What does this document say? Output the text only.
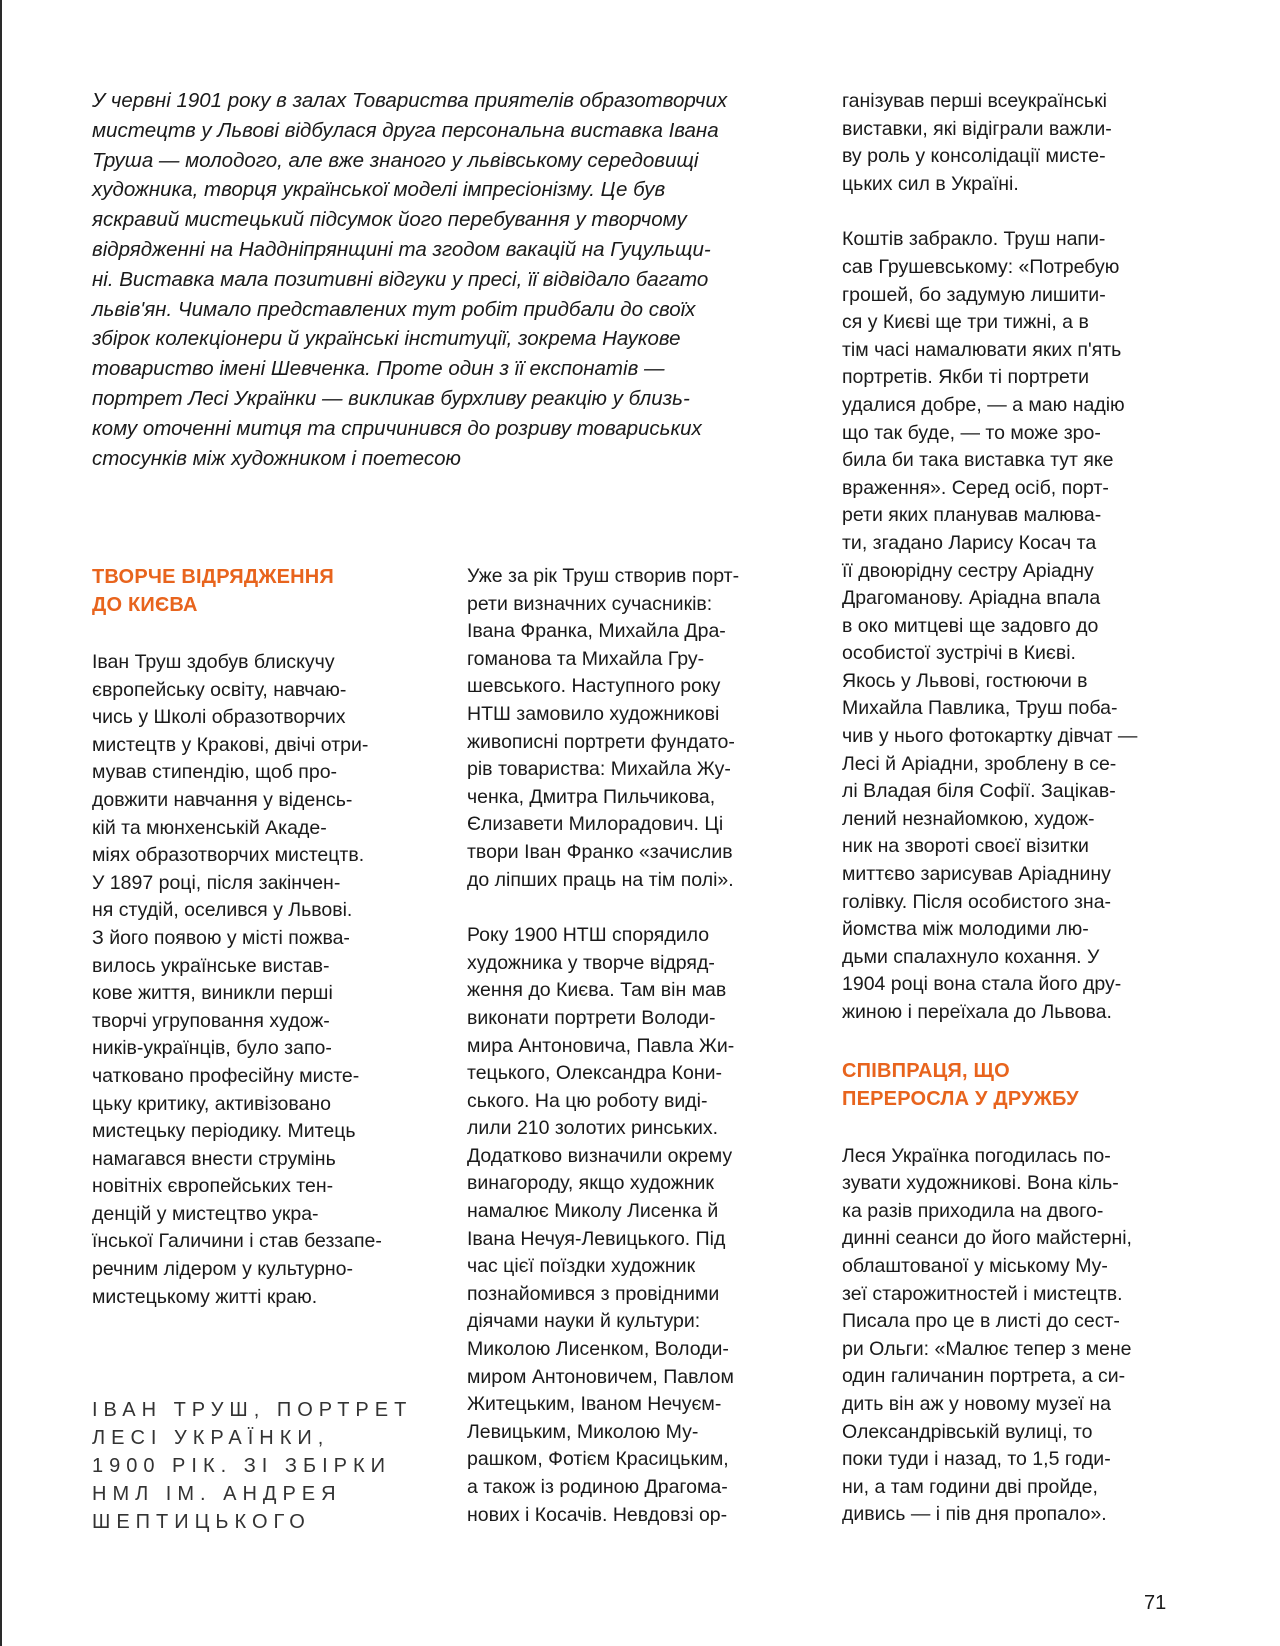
У червні 1901 року в залах Товариства приятелів образотворчих
мистецтв у Львові відбулася друга персональна виставка Івана
Труша — молодого, але вже знаного у львівському середовищі
художника, творця української моделі імпресіонізму. Це був
яскравий мистецький підсумок його перебування у творчому
відрядженні на Наддніпрянщині та згодом вакацій на Гуцульщи-
ні. Виставка мала позитивні відгуки у пресі, її відвідало багато
львів'ян. Чимало представлених тут робіт придбали до своїх
збірок колекціонери й українські інституції, зокрема Наукове
товариство імені Шевченка. Проте один з її експонатів —
портрет Лесі Українки — викликав бурхливу реакцію у близь-
кому оточенні митця та спричинився до розриву товариських
стосунків між художником і поетесою

ТВОРЧЕ ВІДРЯДЖЕННЯ
ДО КИЄВА

Іван Труш здобув блискучу
європейську освіту, навчаю-
чись у Школі образотворчих
мистецтв у Кракові, двічі отри-
мував стипендію, щоб про-
довжити навчання у віденсь-
кій та мюнхенській Акаде-
міях образотворчих мистецтв.
У 1897 році, після закінчен-
ня студій, оселився у Львові.
З його появою у місті пожва-
вилось українське вистав-
кове життя, виникли перші
творчі угруповання худож-
ників-українців, було запо-
чатковано професійну мисте-
цьку критику, активізовано
мистецьку періодику. Митець
намагався внести струмінь
новітніх європейських тен-
денцій у мистецтво укра-
їнської Галичини і став беззапе-
речним лідером у культурно-
мистецькому житті краю.

ІВАН ТРУШ, ПОРТРЕТ
ЛЕСІ УКРАЇНКИ,
1900 РІК. ЗІ ЗБІРКИ
НМЛ ІМ. АНДРЕЯ
ШЕПТИЦЬКОГО

Уже за рік Труш створив порт-
рети визначних сучасників:
Івана Франка, Михайла Дра-
гоманова та Михайла Гру-
шевського. Наступного року
НТШ замовило художникові
живописні портрети фундато-
рів товариства: Михайла Жу-
ченка, Дмитра Пильчикова,
Єлизавети Милорадович. Ці
твори Іван Франко «зачислив
до ліпших праць на тім полі».

Року 1900 НТШ спорядило
художника у творче відряд-
ження до Києва. Там він мав
виконати портрети Володи-
мира Антоновича, Павла Жи-
тецького, Олександра Кони-
ського. На цю роботу виді-
лили 210 золотих ринських.
Додатково визначили окрему
винагороду, якщо художник
намалює Миколу Лисенка й
Івана Нечуя-Левицького. Під
час цієї поїздки художник
познайомився з провідними
діячами науки й культури:
Миколою Лисенком, Володи-
миром Антоновичем, Павлом
Житецьким, Іваном Нечуєм-
Левицьким, Миколою Му-
рашком, Фотієм Красицьким,
а також із родиною Драгома-
нових і Косачів. Невдовзі ор-

ганізував перші всеукраїнські
виставки, які відіграли важли-
ву роль у консолідації мисте-
цьких сил в Україні.

Коштів забракло. Труш напи-
сав Грушевському: «Потребую
грошей, бо задумую лишити-
ся у Києві ще три тижні, а в
тім часі намалювати яких п'ять
портретів. Якби ті портрети
удалися добре, — а маю надію
що так буде, — то може зро-
била би така виставка тут яке
враження». Серед осіб, порт-
рети яких планував малюва-
ти, згадано Ларису Косач та
її двоюрідну сестру Аріадну
Драгоманову. Аріадна впала
в око митцеві ще задовго до
особистої зустрічі в Києві.
Якось у Львові, гостюючи в
Михайла Павлика, Труш поба-
чив у нього фотокартку дівчат —
Лесі й Аріадни, зроблену в се-
лі Владая біля Софії. Зацікав-
лений незнайомкою, худож-
ник на звороті своєї візитки
миттєво зарисував Аріаднину
голівку. Після особистого зна-
йомства між молодими лю-
дьми спалахнуло кохання. У
1904 році вона стала його дру-
жиною і переїхала до Львова.

СПІВПРАЦЯ, ЩО
ПЕРЕРОСЛА У ДРУЖБУ

Леся Українка погодилась по-
зувати художникові. Вона кіль-
ка разів приходила на двого-
динні сеанси до його майстерні,
облаштованої у міському Му-
зеї старожитностей і мистецтв.
Писала про це в листі до сест-
ри Ольги: «Малює тепер з мене
один галичанин портрета, а си-
дить він аж у новому музеї на
Олександрівській вулиці, то
поки туди і назад, то 1,5 годи-
ни, а там години дві пройде,
дивись — і пів дня пропало».

71
